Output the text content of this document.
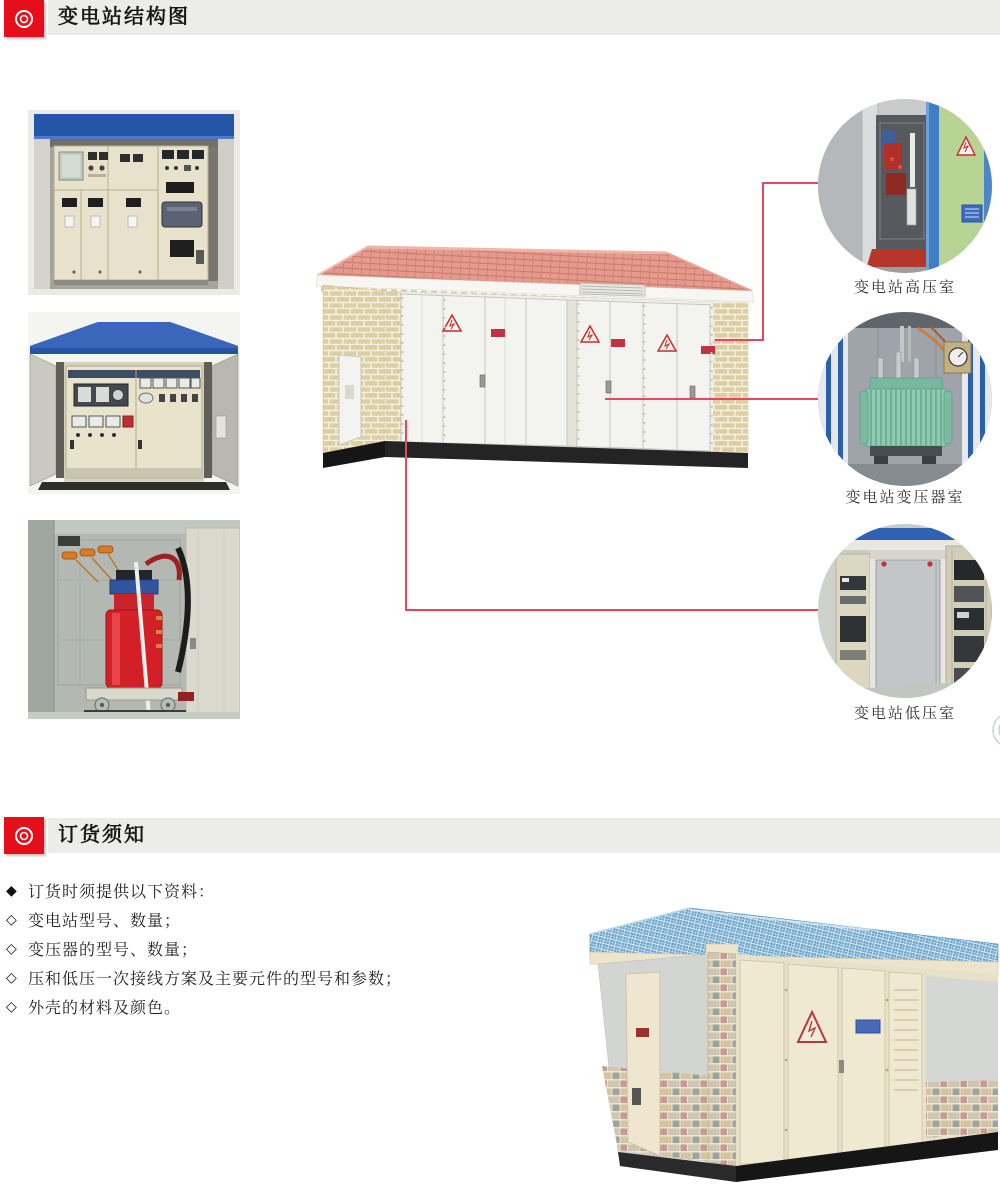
变电站结构图
变电站高压室
变电站变压器室
变电站低压室
订货须知
◆ 订货时须提供以下资料：
◇ 变电站型号、数量；
◇ 变压器的型号、数量；
◇ 压和低压一次接线方案及主要元件的型号和参数；
◇ 外壳的材料及颜色。
